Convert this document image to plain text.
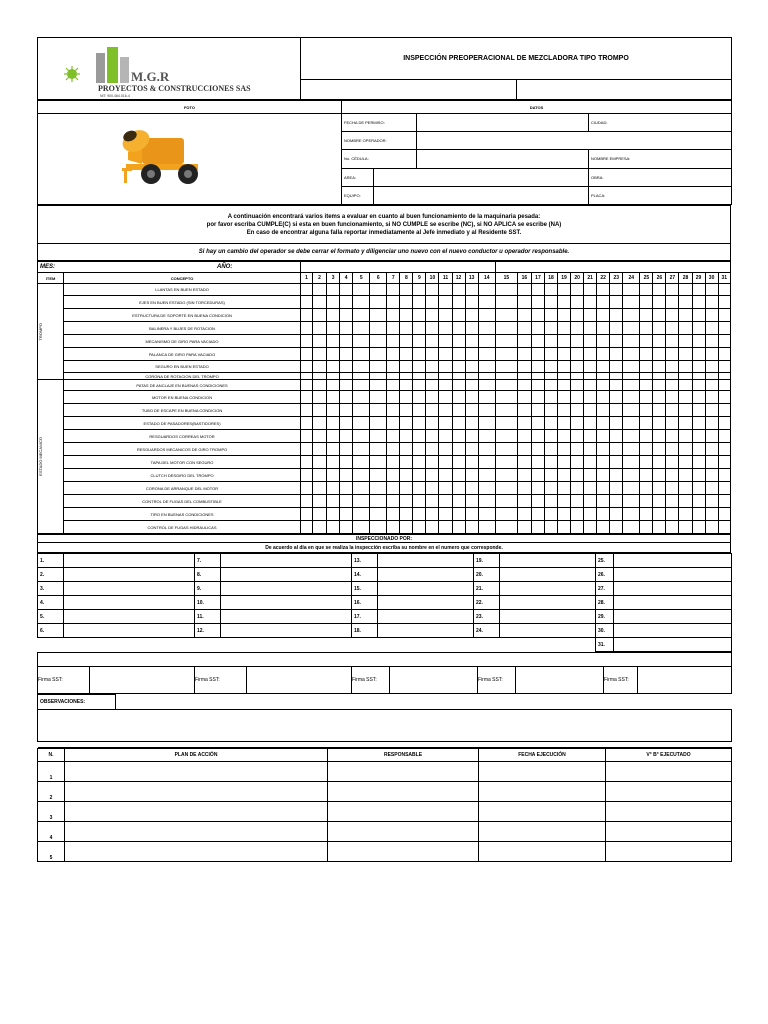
M.G.R
PROYECTOS & CONSTRUCCIONES SAS
NIT: 900.464.016-4	INSPECCIÓN PREOPERACIONAL DE MEZCLADORA TIPO TROMPO	

FOTO	DATOS			
	FECHA DE PERMISO:			CIUDAD:
	NOMBRE OPERADOR:			
	No. CÉDULA:			NOMBRE EMPRESA:
	AREA:			OBRA:
	EQUIPO:			PLACA:
A continuación encontrará varios items a evaluar en cuanto al buen funcionamiento de la maquinaria pesada:
por favor escriba CUMPLE(C) si esta en buen funcionamiento, si NO CUMPLE se escribe (NC), si NO APLICA se escribe (NA)
En caso de encontrar alguna falla reportar inmediatamente al Jefe inmediato y al Residente SST.

Si hay un cambio del operador se debe cerrar el formato y diligenciar uno nuevo con el nuevo conductor u operador responsable.
MES:		AÑO:																														
ITEM	CONCEPTO	1	2	3	4	5	6	7	8	9	10	11	12	13	14	15	16	17	18	19	20	21	22	23	24	25	26	27	28	29	30	31

TROMPO	LLANTAS EN BUEN ESTADO																															
	EJES EN BUEN ESTADO (SIN TORCEDURAS)																															
	ESTRUCTURA DE SOPORTE EN BUENA CONDICION																															
	BALINERA Y BUJES DE ROTACION																															
	MECANISMO DE GIRO PARA VACIADO																															
	PALANCA DE GIRO PARA VACIADO																															
	SEGURO EN BUEN ESTADO																															
	CORONA DE ROTACION DEL TROMPO																															

ESTADO MECANICO	PATAS DE ANCLAJE EN BUENAS CONDICIONES																															
	MOTOR EN BUENA CONDICION																															
	TUBO DE ESCAPE EN BUENA CONDICION																															
	ESTADO DE PASADORES(BASTIDORES)																															
	RESGUARDOS CORREAS MOTOR																															
	RESGUARDOS MECANICOS DE GIRO TROMPO																															
	TAPA DEL MOTOR CON SEGURO																															
	CLUTCH DESGIRO DEL TROMPO																															
	CORONA DE ARRANQUE DEL MOTOR																															
	CONTROL DE FUGAS DEL COMBUSTIBLE																															
	TIRO EN BUENAS CONDICIONES																															
	CONTROL DE FUGAS HIDRAULICAS																															
INSPECCIONADO POR:
De acuerdo al día en que se realiza la inspección escriba su nombre en el numero que corresponde.
1.		7.		13.		19.		25.	
2.		8.		14.		20.		26.	
3.		9.		15.		21.		27.	
4.		10.		16.		22.		28.	
5.		11.		17.		23.		29.	
6.		12.		18.		24.		30.	
								31.	

Firma SST:		Firma SST:		Firma SST:		Firma SST:		Firma SST:	
OBSERVACIONES:	

N.	PLAN DE ACCIÓN	RESPONSABLE	FECHA EJECUCIÓN	V° B° EJECUTADO
1				
2				
3				
4				
5				
